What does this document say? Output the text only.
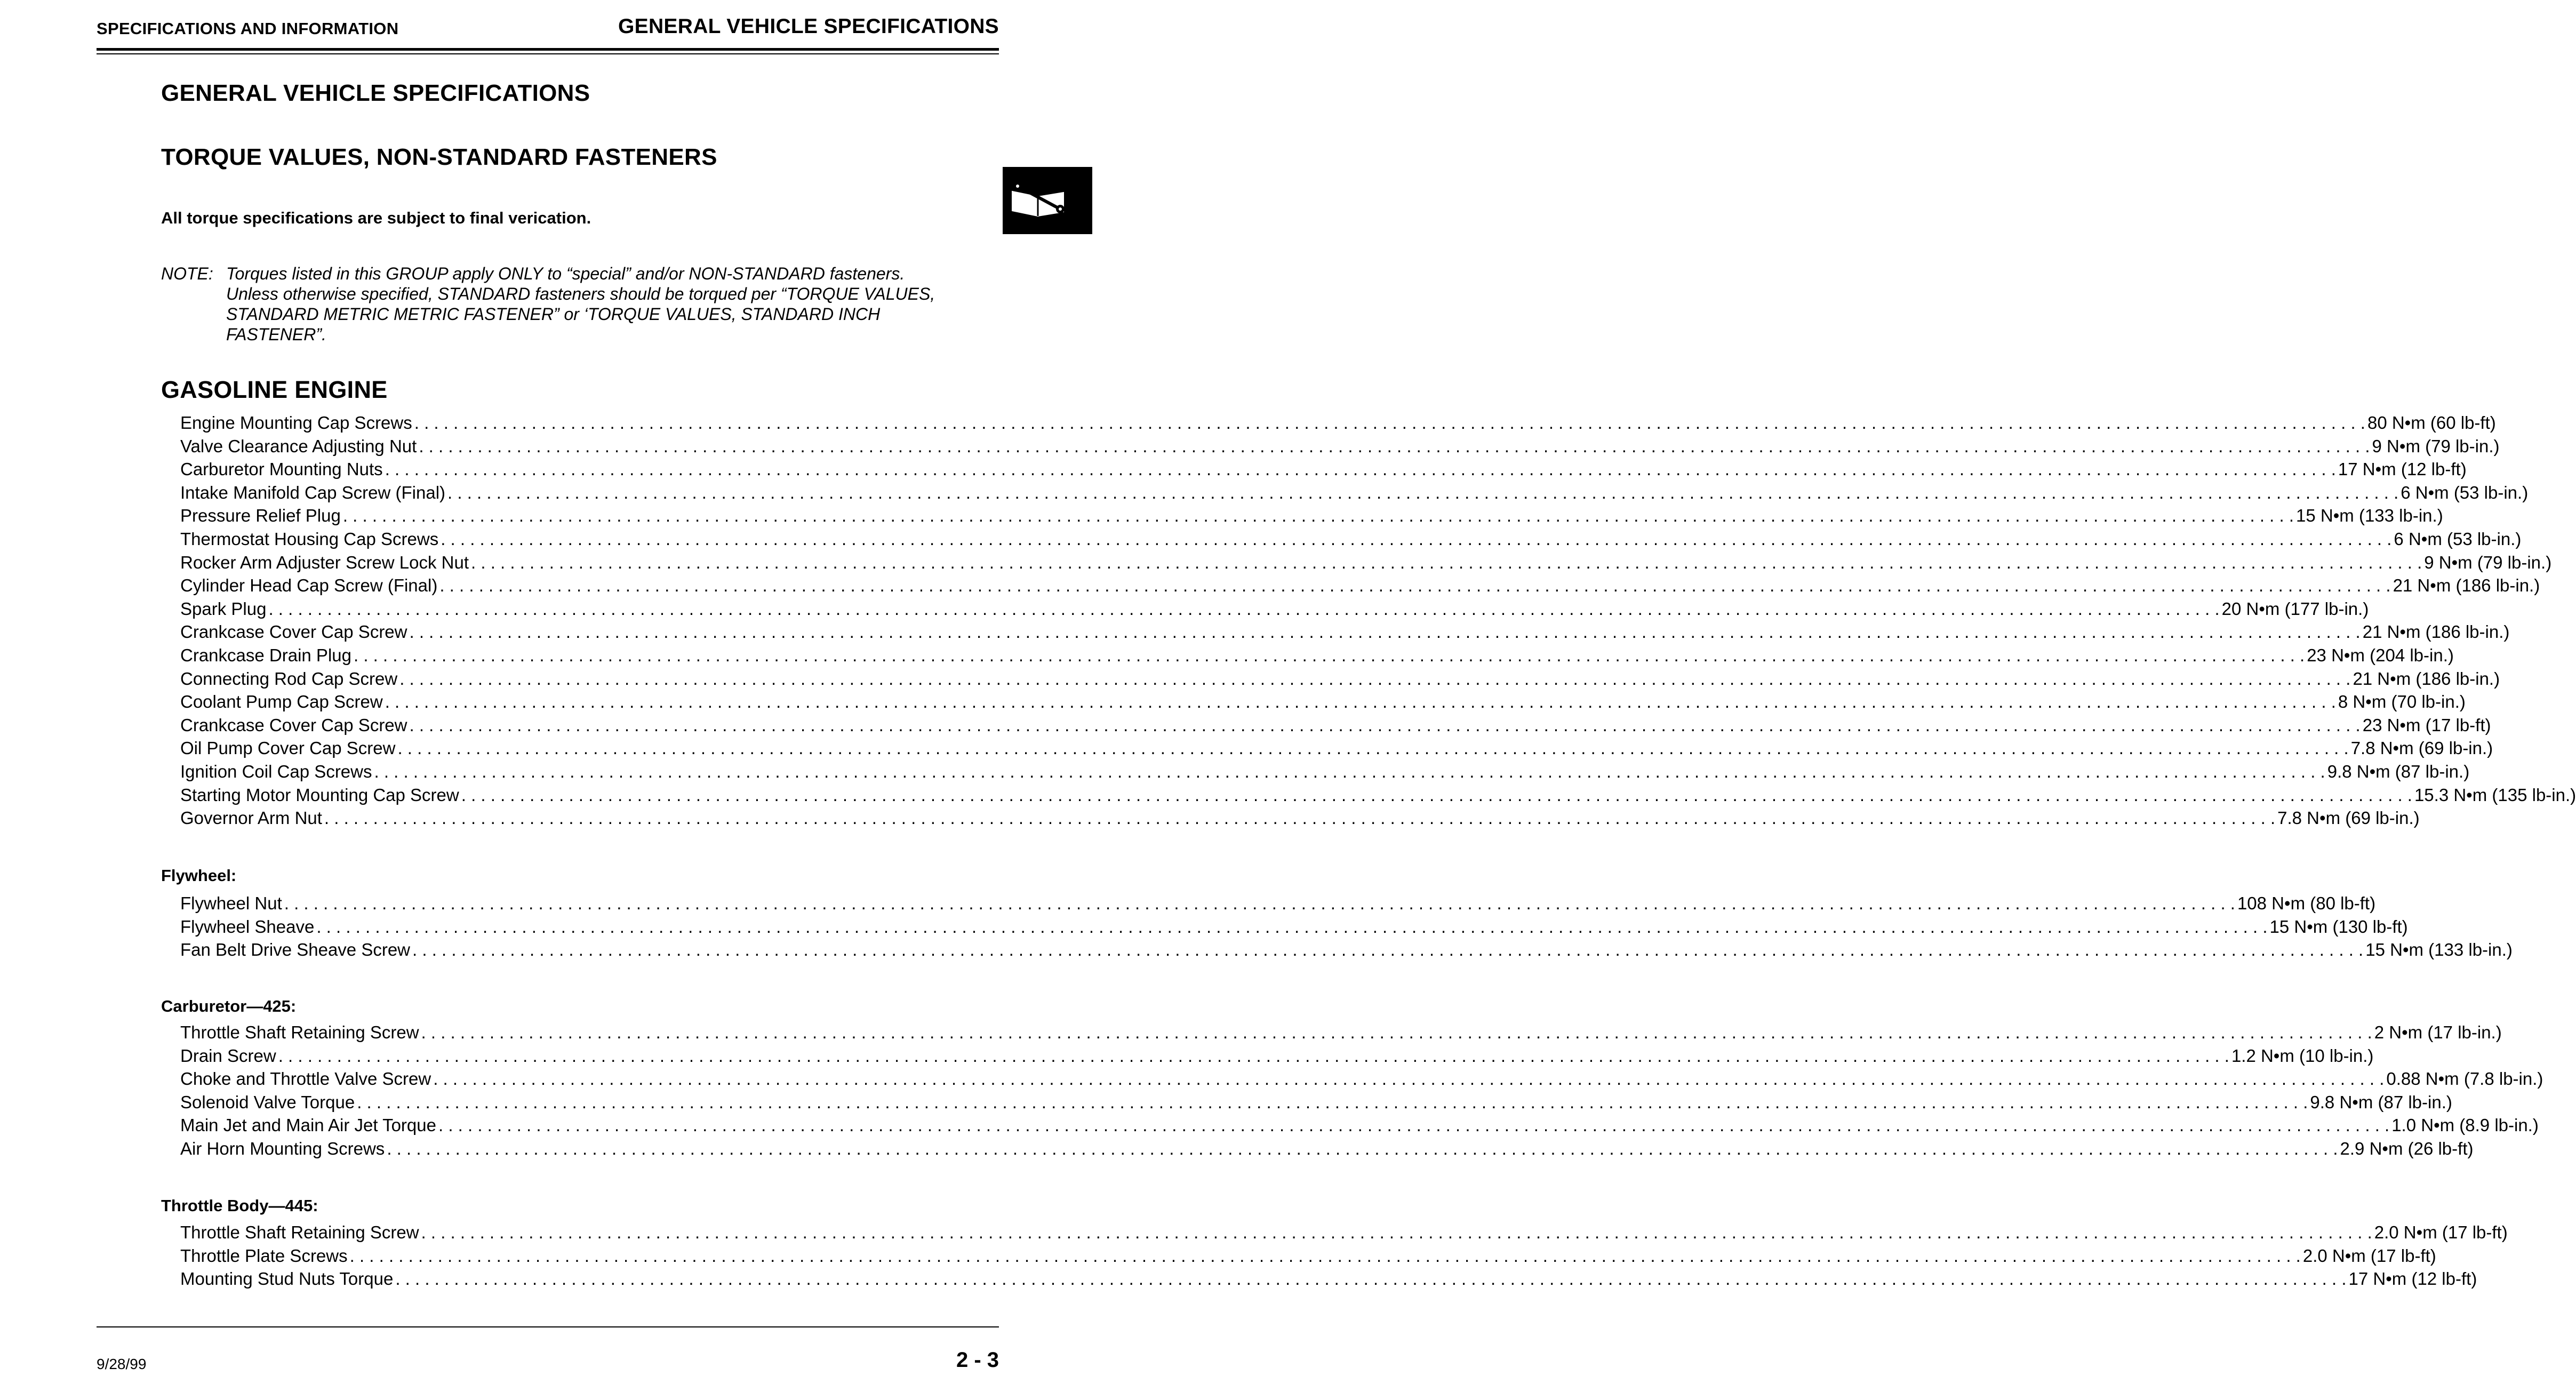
SPECIFICATIONS AND INFORMATION	GENERAL VEHICLE SPECIFICATIONS
GENERAL VEHICLE SPECIFICATIONS
TORQUE VALUES, NON-STANDARD FASTENERS
All torque specifications are subject to final verication.
NOTE: Torques listed in this GROUP apply ONLY to “special” and/or NON-STANDARD fasteners.
Unless otherwise specified, STANDARD fasteners should be torqued per “TORQUE VALUES,
STANDARD METRIC METRIC FASTENER” or ‘TORQUE VALUES, STANDARD INCH
FASTENER”.
GASOLINE ENGINE
Engine Mounting Cap Screws . . . . . . . . . . . . . . . . . . . . . . . . . . . . . . . . . . . . . . . . . . . . . . . . . . . . . . . . . . . . . . . . . . . . . . . . . . . . . . . . . . . . . . . . . . . . . . . . . . . . . . . . . . . . . . . . . . . . . . . . . . . . . . . . . . . . . . . . . . . . . . . . . . . . . . . . . . . . . . . . . . . . . . . . . . . . . . . . . . . . . . . . . . . . . . . . . . . . . . . . 80 N•m (60 lb-ft)
Valve Clearance Adjusting Nut . . . . . . . . . . . . . . . . . . . . . . . . . . . . . . . . . . . . . . . . . . . . . . . . . . . . . . . . . . . . . . . . . . . . . . . . . . . . . . . . . . . . . . . . . . . . . . . . . . . . . . . . . . . . . . . . . . . . . . . . . . . . . . . . . . . . . . . . . . . . . . . . . . . . . . . . . . . . . . . . . . . . . . . . . . . . . . . . . . . . . . . . . . . . . . . . . . . . . . . . 9 N•m (79 lb-in.)
Carburetor Mounting Nuts . . . . . . . . . . . . . . . . . . . . . . . . . . . . . . . . . . . . . . . . . . . . . . . . . . . . . . . . . . . . . . . . . . . . . . . . . . . . . . . . . . . . . . . . . . . . . . . . . . . . . . . . . . . . . . . . . . . . . . . . . . . . . . . . . . . . . . . . . . . . . . . . . . . . . . . . . . . . . . . . . . . . . . . . . . . . . . . . . . . . . . . . . . . . . . . . . . . . . . . . 17 N•m (12 lb-ft)
Intake Manifold Cap Screw (Final) . . . . . . . . . . . . . . . . . . . . . . . . . . . . . . . . . . . . . . . . . . . . . . . . . . . . . . . . . . . . . . . . . . . . . . . . . . . . . . . . . . . . . . . . . . . . . . . . . . . . . . . . . . . . . . . . . . . . . . . . . . . . . . . . . . . . . . . . . . . . . . . . . . . . . . . . . . . . . . . . . . . . . . . . . . . . . . . . . . . . . . . . . . . . . . . . . . . . . . . . 6 N•m (53 lb-in.)
Pressure Relief Plug . . . . . . . . . . . . . . . . . . . . . . . . . . . . . . . . . . . . . . . . . . . . . . . . . . . . . . . . . . . . . . . . . . . . . . . . . . . . . . . . . . . . . . . . . . . . . . . . . . . . . . . . . . . . . . . . . . . . . . . . . . . . . . . . . . . . . . . . . . . . . . . . . . . . . . . . . . . . . . . . . . . . . . . . . . . . . . . . . . . . . . . . . . . . . . . . . . . . . . . . 15 N•m (133 lb-in.)
Thermostat Housing Cap Screws . . . . . . . . . . . . . . . . . . . . . . . . . . . . . . . . . . . . . . . . . . . . . . . . . . . . . . . . . . . . . . . . . . . . . . . . . . . . . . . . . . . . . . . . . . . . . . . . . . . . . . . . . . . . . . . . . . . . . . . . . . . . . . . . . . . . . . . . . . . . . . . . . . . . . . . . . . . . . . . . . . . . . . . . . . . . . . . . . . . . . . . . . . . . . . . . . . . . . . . . 6 N•m (53 lb-in.)
Rocker Arm Adjuster Screw Lock Nut . . . . . . . . . . . . . . . . . . . . . . . . . . . . . . . . . . . . . . . . . . . . . . . . . . . . . . . . . . . . . . . . . . . . . . . . . . . . . . . . . . . . . . . . . . . . . . . . . . . . . . . . . . . . . . . . . . . . . . . . . . . . . . . . . . . . . . . . . . . . . . . . . . . . . . . . . . . . . . . . . . . . . . . . . . . . . . . . . . . . . . . . . . . . . . . . . . . . . . . . 9 N•m (79 lb-in.)
Cylinder Head Cap Screw (Final) . . . . . . . . . . . . . . . . . . . . . . . . . . . . . . . . . . . . . . . . . . . . . . . . . . . . . . . . . . . . . . . . . . . . . . . . . . . . . . . . . . . . . . . . . . . . . . . . . . . . . . . . . . . . . . . . . . . . . . . . . . . . . . . . . . . . . . . . . . . . . . . . . . . . . . . . . . . . . . . . . . . . . . . . . . . . . . . . . . . . . . . . . . . . . . . . . . . . . . . . 21 N•m (186 lb-in.)
Spark Plug . . . . . . . . . . . . . . . . . . . . . . . . . . . . . . . . . . . . . . . . . . . . . . . . . . . . . . . . . . . . . . . . . . . . . . . . . . . . . . . . . . . . . . . . . . . . . . . . . . . . . . . . . . . . . . . . . . . . . . . . . . . . . . . . . . . . . . . . . . . . . . . . . . . . . . . . . . . . . . . . . . . . . . . . . . . . . . . . . . . . . . . . . . . . . . . . . . . . . . . . 20 N•m (177 lb-in.)
Crankcase Cover Cap Screw . . . . . . . . . . . . . . . . . . . . . . . . . . . . . . . . . . . . . . . . . . . . . . . . . . . . . . . . . . . . . . . . . . . . . . . . . . . . . . . . . . . . . . . . . . . . . . . . . . . . . . . . . . . . . . . . . . . . . . . . . . . . . . . . . . . . . . . . . . . . . . . . . . . . . . . . . . . . . . . . . . . . . . . . . . . . . . . . . . . . . . . . . . . . . . . . . . . . . . . . 21 N•m (186 lb-in.)
Crankcase Drain Plug . . . . . . . . . . . . . . . . . . . . . . . . . . . . . . . . . . . . . . . . . . . . . . . . . . . . . . . . . . . . . . . . . . . . . . . . . . . . . . . . . . . . . . . . . . . . . . . . . . . . . . . . . . . . . . . . . . . . . . . . . . . . . . . . . . . . . . . . . . . . . . . . . . . . . . . . . . . . . . . . . . . . . . . . . . . . . . . . . . . . . . . . . . . . . . . . . . . . . . . . 23 N•m (204 lb-in.)
Connecting Rod Cap Screw . . . . . . . . . . . . . . . . . . . . . . . . . . . . . . . . . . . . . . . . . . . . . . . . . . . . . . . . . . . . . . . . . . . . . . . . . . . . . . . . . . . . . . . . . . . . . . . . . . . . . . . . . . . . . . . . . . . . . . . . . . . . . . . . . . . . . . . . . . . . . . . . . . . . . . . . . . . . . . . . . . . . . . . . . . . . . . . . . . . . . . . . . . . . . . . . . . . . . . . . 21 N•m (186 lb-in.)
Coolant Pump Cap Screw . . . . . . . . . . . . . . . . . . . . . . . . . . . . . . . . . . . . . . . . . . . . . . . . . . . . . . . . . . . . . . . . . . . . . . . . . . . . . . . . . . . . . . . . . . . . . . . . . . . . . . . . . . . . . . . . . . . . . . . . . . . . . . . . . . . . . . . . . . . . . . . . . . . . . . . . . . . . . . . . . . . . . . . . . . . . . . . . . . . . . . . . . . . . . . . . . . . . . . . . 8 N•m (70 lb-in.)
Crankcase Cover Cap Screw . . . . . . . . . . . . . . . . . . . . . . . . . . . . . . . . . . . . . . . . . . . . . . . . . . . . . . . . . . . . . . . . . . . . . . . . . . . . . . . . . . . . . . . . . . . . . . . . . . . . . . . . . . . . . . . . . . . . . . . . . . . . . . . . . . . . . . . . . . . . . . . . . . . . . . . . . . . . . . . . . . . . . . . . . . . . . . . . . . . . . . . . . . . . . . . . . . . . . . . . 23 N•m (17 lb-ft)
Oil Pump Cover Cap Screw . . . . . . . . . . . . . . . . . . . . . . . . . . . . . . . . . . . . . . . . . . . . . . . . . . . . . . . . . . . . . . . . . . . . . . . . . . . . . . . . . . . . . . . . . . . . . . . . . . . . . . . . . . . . . . . . . . . . . . . . . . . . . . . . . . . . . . . . . . . . . . . . . . . . . . . . . . . . . . . . . . . . . . . . . . . . . . . . . . . . . . . . . . . . . . . . . . . . . . . . 7.8 N•m (69 lb-in.)
Ignition Coil Cap Screws . . . . . . . . . . . . . . . . . . . . . . . . . . . . . . . . . . . . . . . . . . . . . . . . . . . . . . . . . . . . . . . . . . . . . . . . . . . . . . . . . . . . . . . . . . . . . . . . . . . . . . . . . . . . . . . . . . . . . . . . . . . . . . . . . . . . . . . . . . . . . . . . . . . . . . . . . . . . . . . . . . . . . . . . . . . . . . . . . . . . . . . . . . . . . . . . . . . . . . . . 9.8 N•m (87 lb-in.)
Starting Motor Mounting Cap Screw . . . . . . . . . . . . . . . . . . . . . . . . . . . . . . . . . . . . . . . . . . . . . . . . . . . . . . . . . . . . . . . . . . . . . . . . . . . . . . . . . . . . . . . . . . . . . . . . . . . . . . . . . . . . . . . . . . . . . . . . . . . . . . . . . . . . . . . . . . . . . . . . . . . . . . . . . . . . . . . . . . . . . . . . . . . . . . . . . . . . . . . . . . . . . . . . . . . . . . . . 15.3 N•m (135 lb-in.)
Governor Arm Nut . . . . . . . . . . . . . . . . . . . . . . . . . . . . . . . . . . . . . . . . . . . . . . . . . . . . . . . . . . . . . . . . . . . . . . . . . . . . . . . . . . . . . . . . . . . . . . . . . . . . . . . . . . . . . . . . . . . . . . . . . . . . . . . . . . . . . . . . . . . . . . . . . . . . . . . . . . . . . . . . . . . . . . . . . . . . . . . . . . . . . . . . . . . . . . . . . . . . . . . . 7.8 N•m (69 lb-in.)
Flywheel:
Flywheel Nut . . . . . . . . . . . . . . . . . . . . . . . . . . . . . . . . . . . . . . . . . . . . . . . . . . . . . . . . . . . . . . . . . . . . . . . . . . . . . . . . . . . . . . . . . . . . . . . . . . . . . . . . . . . . . . . . . . . . . . . . . . . . . . . . . . . . . . . . . . . . . . . . . . . . . . . . . . . . . . . . . . . . . . . . . . . . . . . . . . . . . . . . . . . . . . . . . . . . . . . . 108 N•m (80 lb-ft)
Flywheel Sheave . . . . . . . . . . . . . . . . . . . . . . . . . . . . . . . . . . . . . . . . . . . . . . . . . . . . . . . . . . . . . . . . . . . . . . . . . . . . . . . . . . . . . . . . . . . . . . . . . . . . . . . . . . . . . . . . . . . . . . . . . . . . . . . . . . . . . . . . . . . . . . . . . . . . . . . . . . . . . . . . . . . . . . . . . . . . . . . . . . . . . . . . . . . . . . . . . . . . . . . . 15 N•m (130 lb-ft)
Fan Belt Drive Sheave Screw . . . . . . . . . . . . . . . . . . . . . . . . . . . . . . . . . . . . . . . . . . . . . . . . . . . . . . . . . . . . . . . . . . . . . . . . . . . . . . . . . . . . . . . . . . . . . . . . . . . . . . . . . . . . . . . . . . . . . . . . . . . . . . . . . . . . . . . . . . . . . . . . . . . . . . . . . . . . . . . . . . . . . . . . . . . . . . . . . . . . . . . . . . . . . . . . . . . . . . . . 15 N•m (133 lb-in.)
Carburetor—425:
Throttle Shaft Retaining Screw . . . . . . . . . . . . . . . . . . . . . . . . . . . . . . . . . . . . . . . . . . . . . . . . . . . . . . . . . . . . . . . . . . . . . . . . . . . . . . . . . . . . . . . . . . . . . . . . . . . . . . . . . . . . . . . . . . . . . . . . . . . . . . . . . . . . . . . . . . . . . . . . . . . . . . . . . . . . . . . . . . . . . . . . . . . . . . . . . . . . . . . . . . . . . . . . . . . . . . . . 2 N•m (17 lb-in.)
Drain Screw . . . . . . . . . . . . . . . . . . . . . . . . . . . . . . . . . . . . . . . . . . . . . . . . . . . . . . . . . . . . . . . . . . . . . . . . . . . . . . . . . . . . . . . . . . . . . . . . . . . . . . . . . . . . . . . . . . . . . . . . . . . . . . . . . . . . . . . . . . . . . . . . . . . . . . . . . . . . . . . . . . . . . . . . . . . . . . . . . . . . . . . . . . . . . . . . . . . . . . . . 1.2 N•m (10 lb-in.)
Choke and Throttle Valve Screw . . . . . . . . . . . . . . . . . . . . . . . . . . . . . . . . . . . . . . . . . . . . . . . . . . . . . . . . . . . . . . . . . . . . . . . . . . . . . . . . . . . . . . . . . . . . . . . . . . . . . . . . . . . . . . . . . . . . . . . . . . . . . . . . . . . . . . . . . . . . . . . . . . . . . . . . . . . . . . . . . . . . . . . . . . . . . . . . . . . . . . . . . . . . . . . . . . . . . . . . 0.88 N•m (7.8 lb-in.)
Solenoid Valve Torque . . . . . . . . . . . . . . . . . . . . . . . . . . . . . . . . . . . . . . . . . . . . . . . . . . . . . . . . . . . . . . . . . . . . . . . . . . . . . . . . . . . . . . . . . . . . . . . . . . . . . . . . . . . . . . . . . . . . . . . . . . . . . . . . . . . . . . . . . . . . . . . . . . . . . . . . . . . . . . . . . . . . . . . . . . . . . . . . . . . . . . . . . . . . . . . . . . . . . . . . 9.8 N•m (87 lb-in.)
Main Jet and Main Air Jet Torque . . . . . . . . . . . . . . . . . . . . . . . . . . . . . . . . . . . . . . . . . . . . . . . . . . . . . . . . . . . . . . . . . . . . . . . . . . . . . . . . . . . . . . . . . . . . . . . . . . . . . . . . . . . . . . . . . . . . . . . . . . . . . . . . . . . . . . . . . . . . . . . . . . . . . . . . . . . . . . . . . . . . . . . . . . . . . . . . . . . . . . . . . . . . . . . . . . . . . . . . 1.0 N•m (8.9 lb-in.)
Air Horn Mounting Screws . . . . . . . . . . . . . . . . . . . . . . . . . . . . . . . . . . . . . . . . . . . . . . . . . . . . . . . . . . . . . . . . . . . . . . . . . . . . . . . . . . . . . . . . . . . . . . . . . . . . . . . . . . . . . . . . . . . . . . . . . . . . . . . . . . . . . . . . . . . . . . . . . . . . . . . . . . . . . . . . . . . . . . . . . . . . . . . . . . . . . . . . . . . . . . . . . . . . . . . . 2.9 N•m (26 lb-ft)
Throttle Body—445:
Throttle Shaft Retaining Screw . . . . . . . . . . . . . . . . . . . . . . . . . . . . . . . . . . . . . . . . . . . . . . . . . . . . . . . . . . . . . . . . . . . . . . . . . . . . . . . . . . . . . . . . . . . . . . . . . . . . . . . . . . . . . . . . . . . . . . . . . . . . . . . . . . . . . . . . . . . . . . . . . . . . . . . . . . . . . . . . . . . . . . . . . . . . . . . . . . . . . . . . . . . . . . . . . . . . . . . . 2.0 N•m (17 lb-ft)
Throttle Plate Screws . . . . . . . . . . . . . . . . . . . . . . . . . . . . . . . . . . . . . . . . . . . . . . . . . . . . . . . . . . . . . . . . . . . . . . . . . . . . . . . . . . . . . . . . . . . . . . . . . . . . . . . . . . . . . . . . . . . . . . . . . . . . . . . . . . . . . . . . . . . . . . . . . . . . . . . . . . . . . . . . . . . . . . . . . . . . . . . . . . . . . . . . . . . . . . . . . . . . . . . . 2.0 N•m (17 lb-ft)
Mounting Stud Nuts Torque . . . . . . . . . . . . . . . . . . . . . . . . . . . . . . . . . . . . . . . . . . . . . . . . . . . . . . . . . . . . . . . . . . . . . . . . . . . . . . . . . . . . . . . . . . . . . . . . . . . . . . . . . . . . . . . . . . . . . . . . . . . . . . . . . . . . . . . . . . . . . . . . . . . . . . . . . . . . . . . . . . . . . . . . . . . . . . . . . . . . . . . . . . . . . . . . . . . . . . . . 17 N•m (12 lb-ft)
9/28/99	2 - 3
